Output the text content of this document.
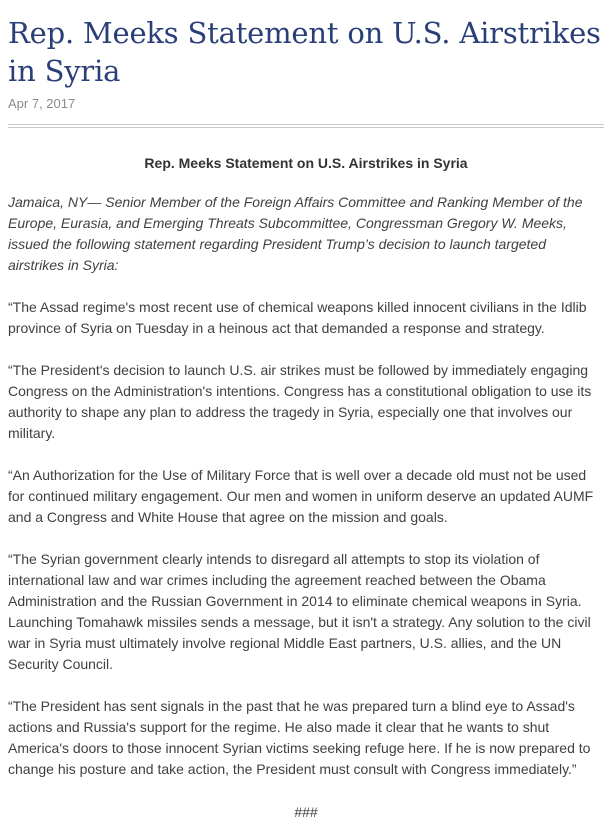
Rep. Meeks Statement on U.S. Airstrikes in Syria
Apr 7, 2017
Rep. Meeks Statement on U.S. Airstrikes in Syria
Jamaica, NY— Senior Member of the Foreign Affairs Committee and Ranking Member of the Europe, Eurasia, and Emerging Threats Subcommittee, Congressman Gregory W. Meeks, issued the following statement regarding President Trump’s decision to launch targeted airstrikes in Syria:
“The Assad regime's most recent use of chemical weapons killed innocent civilians in the Idlib province of Syria on Tuesday in a heinous act that demanded a response and strategy.
“The President's decision to launch U.S. air strikes must be followed by immediately engaging Congress on the Administration's intentions. Congress has a constitutional obligation to use its authority to shape any plan to address the tragedy in Syria, especially one that involves our military.
“An Authorization for the Use of Military Force that is well over a decade old must not be used for continued military engagement. Our men and women in uniform deserve an updated AUMF and a Congress and White House that agree on the mission and goals.
“The Syrian government clearly intends to disregard all attempts to stop its violation of international law and war crimes including the agreement reached between the Obama Administration and the Russian Government in 2014 to eliminate chemical weapons in Syria. Launching Tomahawk missiles sends a message, but it isn't a strategy. Any solution to the civil war in Syria must ultimately involve regional Middle East partners, U.S. allies, and the UN Security Council.
“The President has sent signals in the past that he was prepared turn a blind eye to Assad's actions and Russia's support for the regime. He also made it clear that he wants to shut America's doors to those innocent Syrian victims seeking refuge here. If he is now prepared to change his posture and take action, the President must consult with Congress immediately.”
###
